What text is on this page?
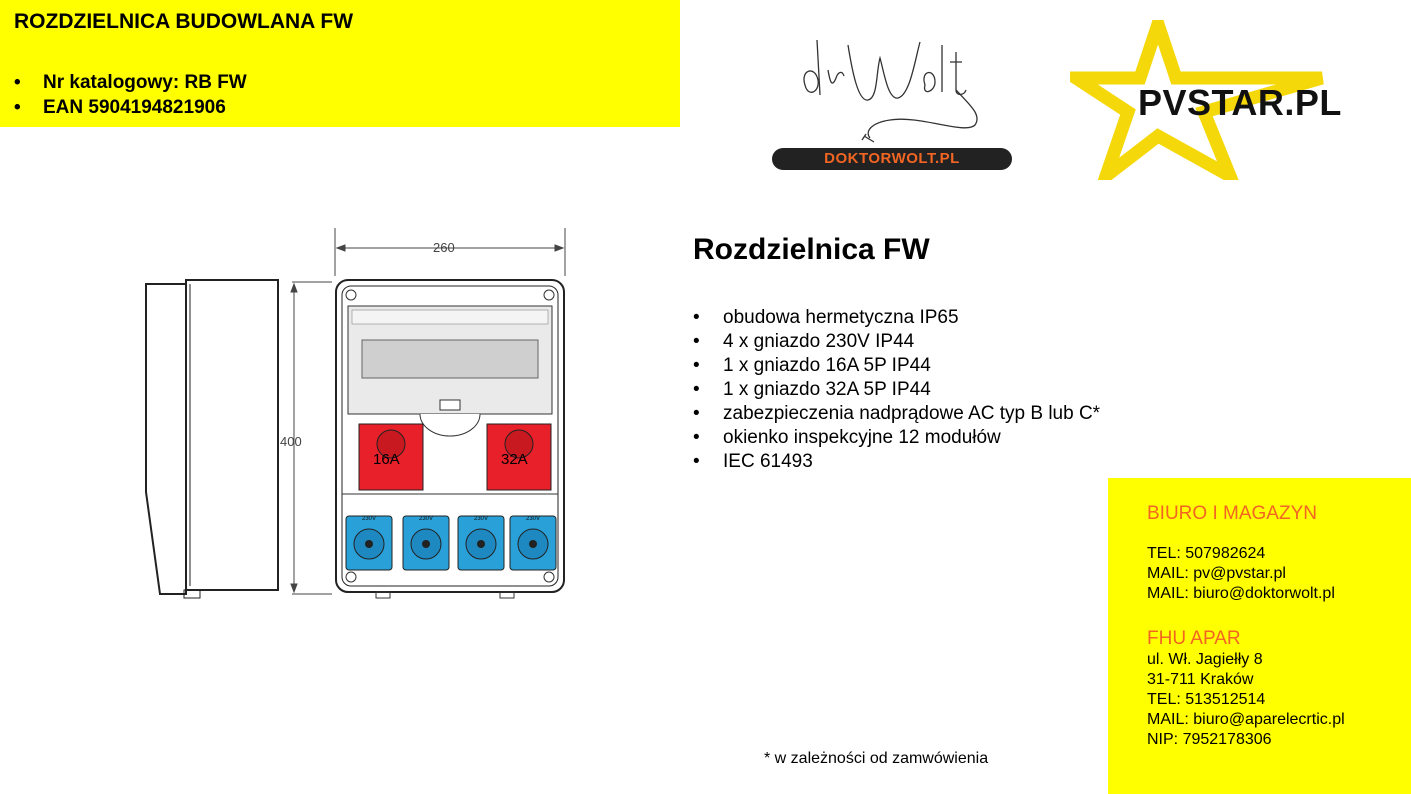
ROZDZIELNICA BUDOWLANA FW
• Nr katalogowy: RB FW
• EAN 5904194821906
DOKTORWOLT.PL
PVSTAR.PL
400
260
16A	32A
230V	230V	230V	230V
Rozdzielnica FW
• obudowa hermetyczna IP65
• 4 x gniazdo 230V IP44
• 1 x gniazdo 16A 5P IP44
• 1 x gniazdo 32A 5P IP44
• zabezpieczenia nadprądowe AC typ B lub C*
• okienko inspekcyjne 12 modułów
• IEC 61493
BIURO I MAGAZYN
TEL: 507982624
MAIL: pv@pvstar.pl
MAIL: biuro@doktorwolt.pl
FHU APAR
ul. Wł. Jagiełły 8
31-711 Kraków
TEL: 513512514
MAIL: biuro@aparelecrtic.pl
NIP: 7952178306
* w zależności od zamwówienia
